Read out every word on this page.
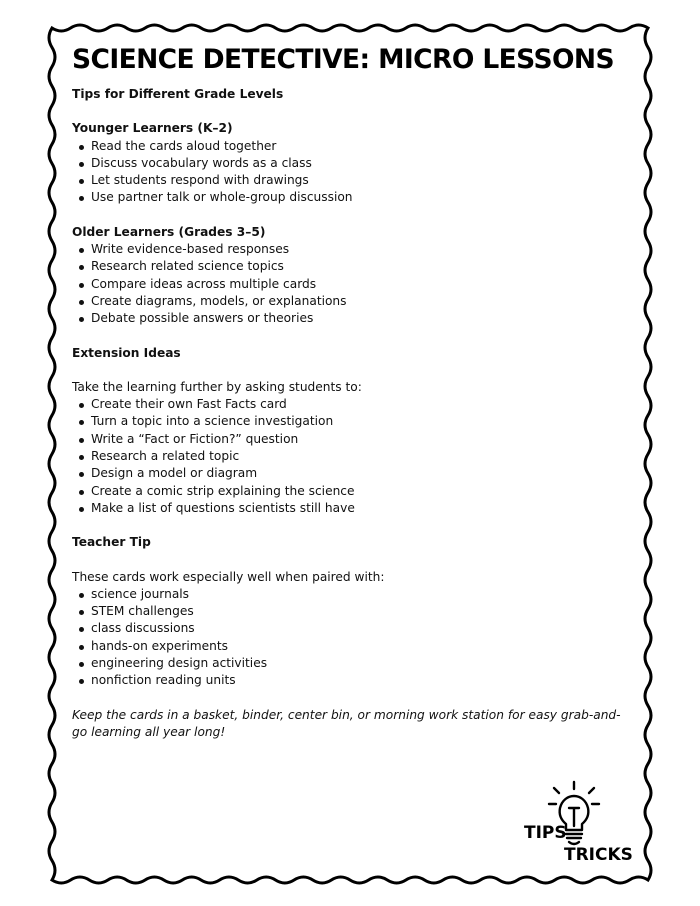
SCIENCE DETECTIVE: MICRO LESSONS

Tips for Different Grade Levels

Younger Learners (K–2)

Read the cards aloud together
Discuss vocabulary words as a class
Let students respond with drawings
Use partner talk or whole-group discussion

Older Learners (Grades 3–5)

Write evidence-based responses
Research related science topics
Compare ideas across multiple cards
Create diagrams, models, or explanations
Debate possible answers or theories

Extension Ideas

Take the learning further by asking students to:

Create their own Fast Facts card
Turn a topic into a science investigation
Write a “Fact or Fiction?” question
Research a related topic
Design a model or diagram
Create a comic strip explaining the science
Make a list of questions scientists still have

Teacher Tip

These cards work especially well when paired with:

science journals
STEM challenges
class discussions
hands-on experiments
engineering design activities
nonfiction reading units

Keep the cards in a basket, binder, center bin, or morning work station for easy grab-and-go learning all year long!

TIPS
TRICKS
